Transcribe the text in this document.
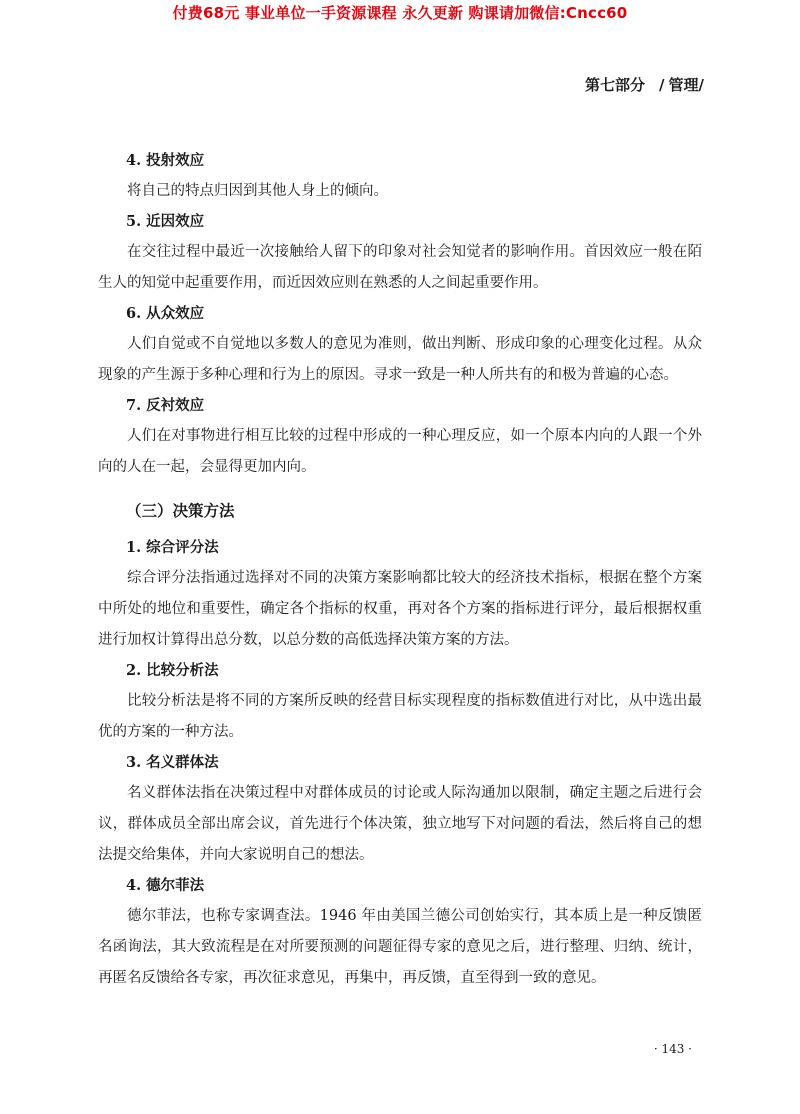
付费68元 事业单位一手资源课程 永久更新 购课请加微信:Cncc60
第七部分 / 管理/

4. 投射效应

将自己的特点归因到其他人身上的倾向。

5. 近因效应

在交往过程中最近一次接触给人留下的印象对社会知觉者的影响作用。首因效应一般在陌生人的知觉中起重要作用，而近因效应则在熟悉的人之间起重要作用。

6. 从众效应

人们自觉或不自觉地以多数人的意见为准则，做出判断、形成印象的心理变化过程。从众现象的产生源于多种心理和行为上的原因。寻求一致是一种人所共有的和极为普遍的心态。

7. 反衬效应

人们在对事物进行相互比较的过程中形成的一种心理反应，如一个原本内向的人跟一个外向的人在一起，会显得更加内向。

（三）决策方法

1. 综合评分法

综合评分法指通过选择对不同的决策方案影响都比较大的经济技术指标，根据在整个方案中所处的地位和重要性，确定各个指标的权重，再对各个方案的指标进行评分，最后根据权重进行加权计算得出总分数，以总分数的高低选择决策方案的方法。

2. 比较分析法

比较分析法是将不同的方案所反映的经营目标实现程度的指标数值进行对比，从中选出最优的方案的一种方法。

3. 名义群体法

名义群体法指在决策过程中对群体成员的讨论或人际沟通加以限制，确定主题之后进行会议，群体成员全部出席会议，首先进行个体决策，独立地写下对问题的看法，然后将自己的想法提交给集体，并向大家说明自己的想法。

4. 德尔菲法

德尔菲法，也称专家调查法。1946 年由美国兰德公司创始实行，其本质上是一种反馈匿名函询法，其大致流程是在对所要预测的问题征得专家的意见之后，进行整理、归纳、统计，再匿名反馈给各专家，再次征求意见，再集中，再反馈，直至得到一致的意见。

· 143 ·
